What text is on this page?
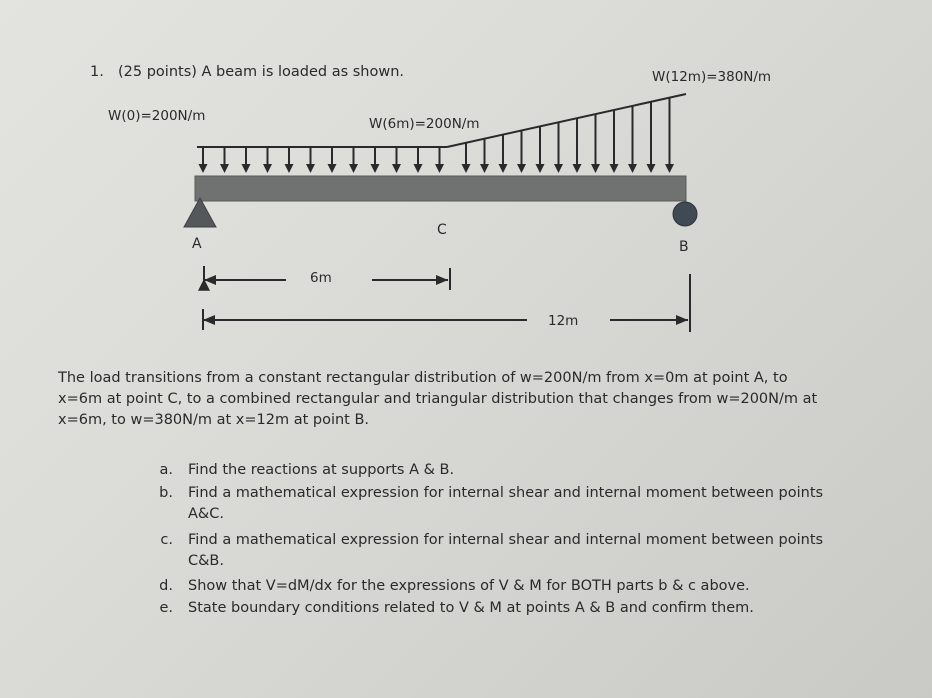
1. (25 points) A beam is loaded as shown.	W(12m)=380N/m
W(0)=200N/m	W(6m)=200N/m
A
C
B
6m
12m
The load transitions from a constant rectangular distribution of w=200N/m from x=0m at point A, to
x=6m at point C, to a combined rectangular and triangular distribution that changes from w=200N/m at
x=6m, to w=380N/m at x=12m at point B.
a. Find the reactions at supports A & B.
b. Find a mathematical expression for internal shear and internal moment between points
A&C.
c. Find a mathematical expression for internal shear and internal moment between points
C&B.
d. Show that V=dM/dx for the expressions of V & M for BOTH parts b & c above.
e. State boundary conditions related to V & M at points A & B and confirm them.
